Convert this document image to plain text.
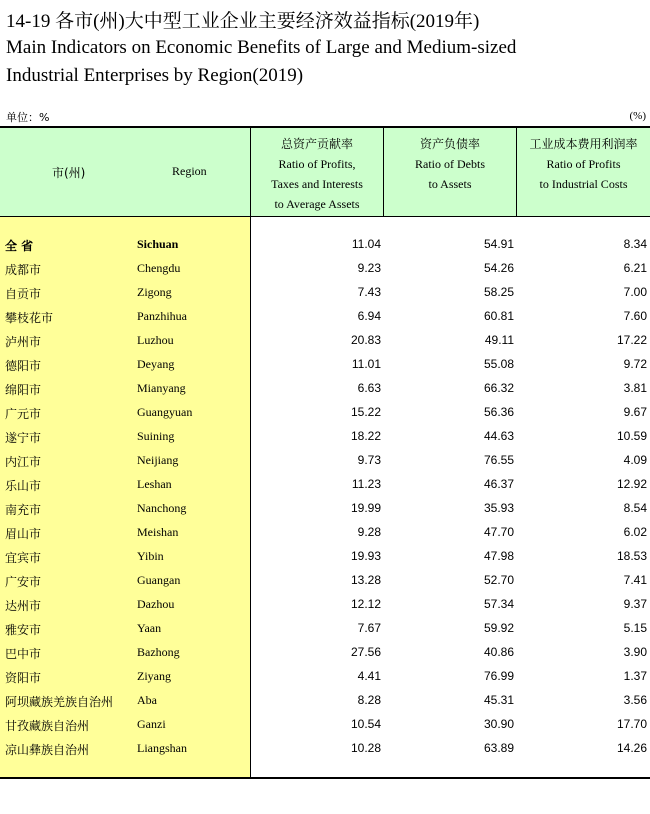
14-19 各市(州)大中型工业企业主要经济效益指标(2019年)
Main Indicators on Economic Benefits of Large and Medium-sized
Industrial Enterprises by Region(2019)
单位：%	(%)
市(州)	Region
总资产贡献率
Ratio of Profits,
Taxes and Interests
to Average Assets
资产负债率
Ratio of Debts
to Assets
工业成本费用利润率
Ratio of Profits
to Industrial Costs
全 省	Sichuan	11.04	54.91	8.34
成都市	Chengdu	9.23	54.26	6.21
自贡市	Zigong	7.43	58.25	7.00
攀枝花市	Panzhihua	6.94	60.81	7.60
泸州市	Luzhou	20.83	49.11	17.22
德阳市	Deyang	11.01	55.08	9.72
绵阳市	Mianyang	6.63	66.32	3.81
广元市	Guangyuan	15.22	56.36	9.67
遂宁市	Suining	18.22	44.63	10.59
内江市	Neijiang	9.73	76.55	4.09
乐山市	Leshan	11.23	46.37	12.92
南充市	Nanchong	19.99	35.93	8.54
眉山市	Meishan	9.28	47.70	6.02
宜宾市	Yibin	19.93	47.98	18.53
广安市	Guangan	13.28	52.70	7.41
达州市	Dazhou	12.12	57.34	9.37
雅安市	Yaan	7.67	59.92	5.15
巴中市	Bazhong	27.56	40.86	3.90
资阳市	Ziyang	4.41	76.99	1.37
阿坝藏族羌族自治州 Aba	8.28	45.31	3.56
甘孜藏族自治州	Ganzi	10.54	30.90	17.70
凉山彝族自治州	Liangshan	10.28	63.89	14.26
